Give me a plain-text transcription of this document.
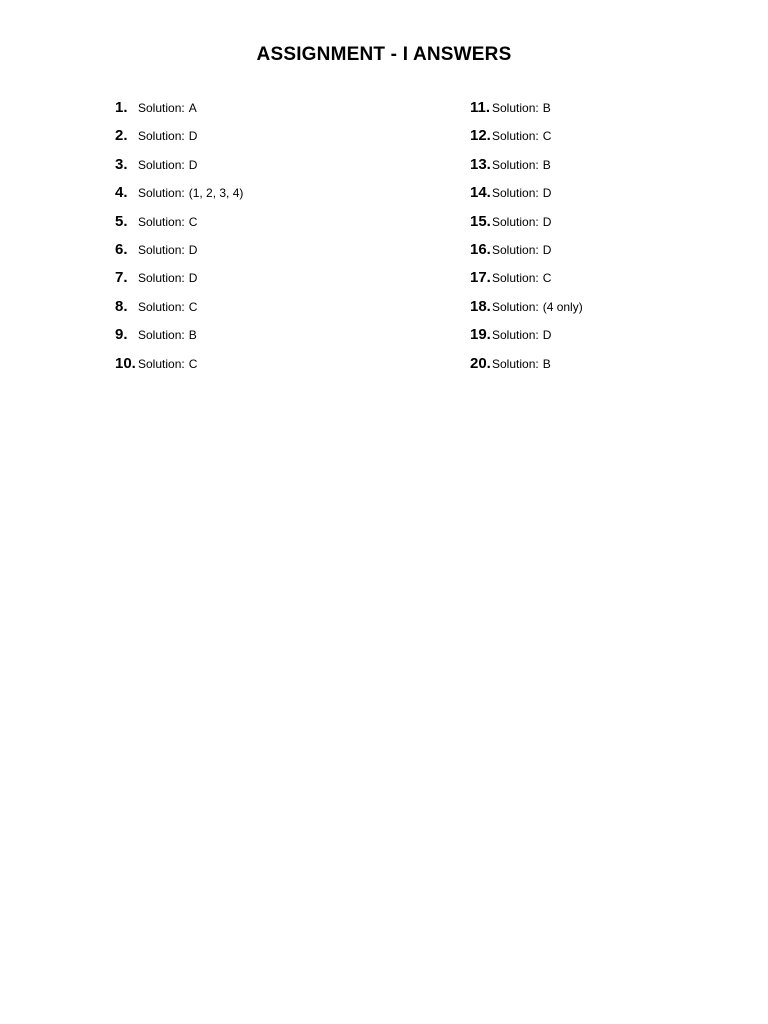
ASSIGNMENT - I ANSWERS
1. Solution: A
2. Solution: D
3. Solution: D
4. Solution: (1, 2, 3, 4)
5. Solution: C
6. Solution: D
7. Solution: D
8. Solution: C
9. Solution: B
10. Solution: C
11. Solution: B
12. Solution: C
13. Solution: B
14. Solution: D
15. Solution: D
16. Solution: D
17. Solution: C
18. Solution: (4 only)
19. Solution: D
20. Solution: B
